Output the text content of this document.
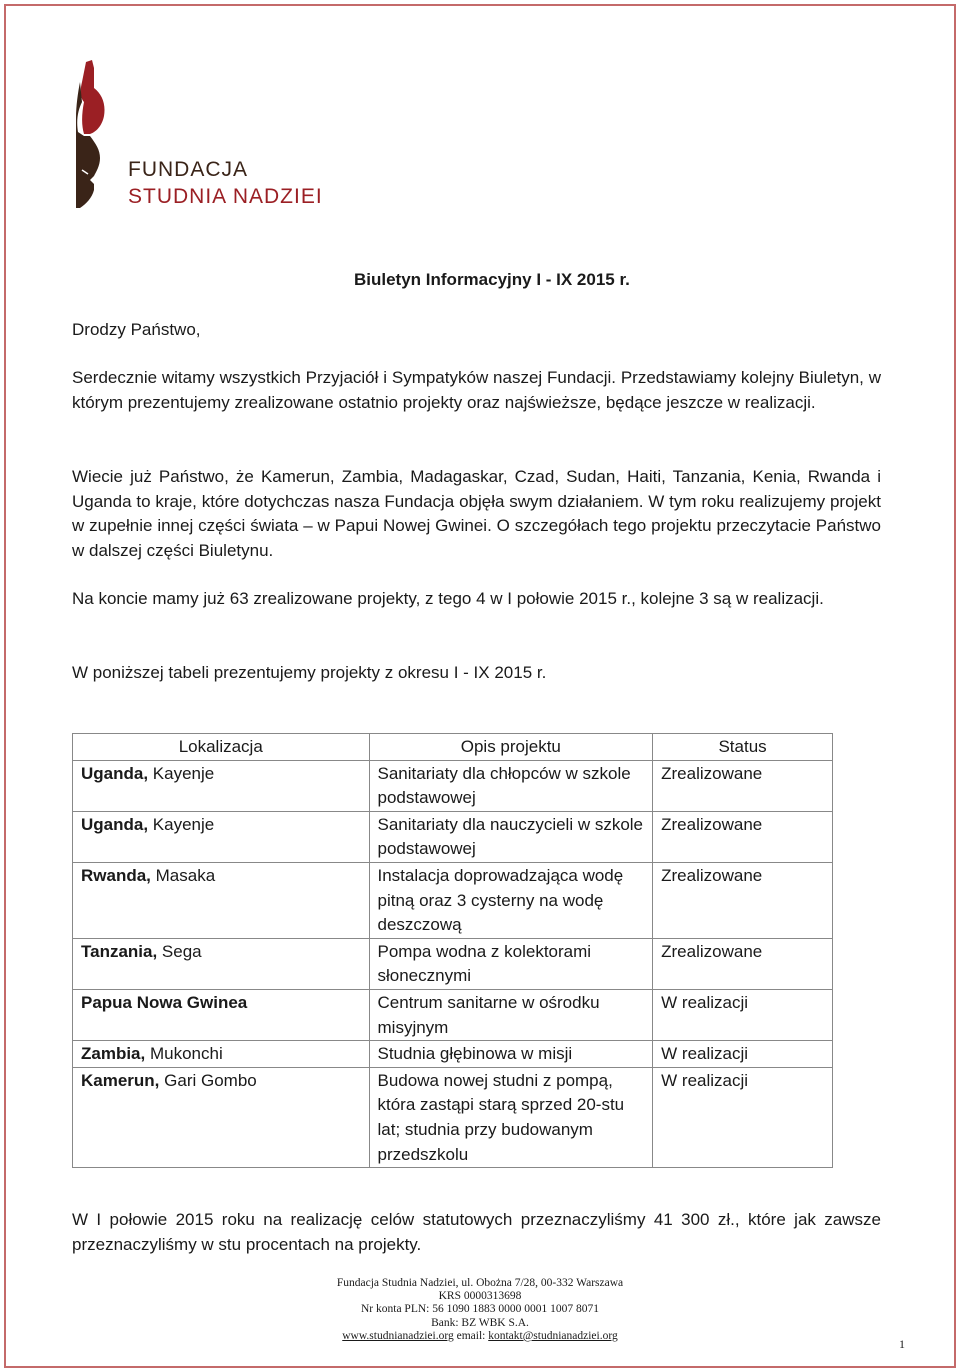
FUNDACJA
STUDNIA NADZIEI
Biuletyn Informacyjny I - IX 2015 r.
Drodzy Państwo,
Serdecznie witamy wszystkich Przyjaciół i Sympatyków naszej Fundacji. Przedstawiamy kolejny Biuletyn, w którym prezentujemy zrealizowane ostatnio projekty oraz najświeższe, będące jeszcze w realizacji.
Wiecie już Państwo, że Kamerun, Zambia, Madagaskar, Czad, Sudan, Haiti, Tanzania, Kenia, Rwanda i Uganda to kraje, które dotychczas nasza Fundacja objęła swym działaniem. W tym roku realizujemy projekt w zupełnie innej części świata – w Papui Nowej Gwinei. O szczegółach tego projektu przeczytacie Państwo w dalszej części Biuletynu.
Na koncie mamy już 63 zrealizowane projekty, z tego 4 w I połowie 2015 r., kolejne 3 są w realizacji.
W poniższej tabeli prezentujemy projekty z okresu I - IX 2015 r.
Lokalizacja	Opis projektu	Status
Uganda, Kayenje	Sanitariaty dla chłopców w szkole podstawowej	Zrealizowane
Uganda, Kayenje	Sanitariaty dla nauczycieli w szkole podstawowej	Zrealizowane
Rwanda, Masaka	Instalacja doprowadzająca wodę pitną oraz 3 cysterny na wodę deszczową	Zrealizowane
Tanzania, Sega	Pompa wodna z kolektorami słonecznymi	Zrealizowane
Papua Nowa Gwinea	Centrum sanitarne w ośrodku misyjnym	W realizacji
Zambia, Mukonchi	Studnia głębinowa w misji	W realizacji
Kamerun, Gari Gombo	Budowa nowej studni z pompą, która zastąpi starą sprzed 20-stu lat; studnia przy budowanym przedszkolu	W realizacji
W I połowie 2015 roku na realizację celów statutowych przeznaczyliśmy 41 300 zł., które jak zawsze przeznaczyliśmy w stu procentach na projekty.
Fundacja Studnia Nadziei, ul. Obożna 7/28, 00-332 Warszawa
KRS 0000313698
Nr konta PLN: 56 1090 1883 0000 0001 1007 8071
Bank: BZ WBK S.A.
www.studnianadziei.org email: kontakt@studnianadziei.org
1
